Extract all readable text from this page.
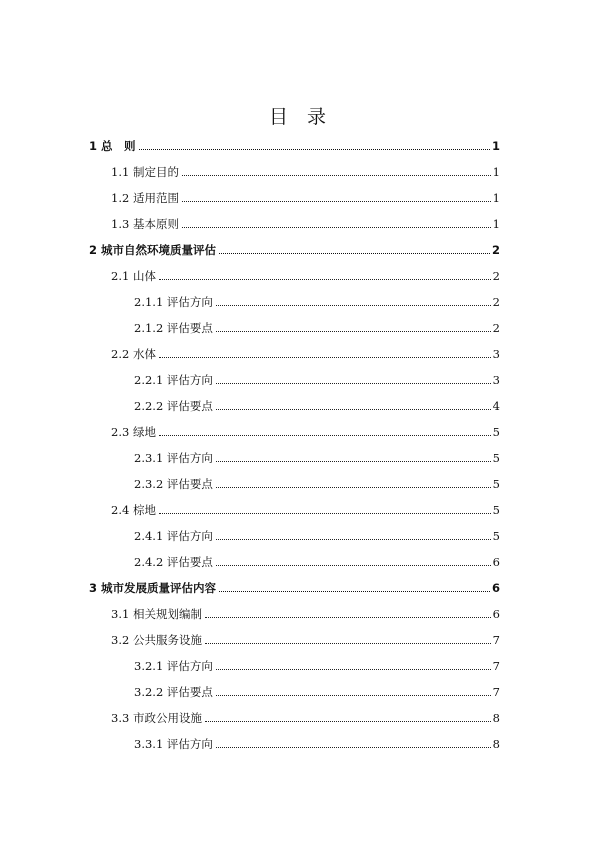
目　录
1 总　则	1
1.1 制定目的	1
1.2 适用范围	1
1.3 基本原则	1
2 城市自然环境质量评估	2
2.1 山体	2
2.1.1 评估方向	2
2.1.2 评估要点	2
2.2 水体	3
2.2.1 评估方向	3
2.2.2 评估要点	4
2.3 绿地	5
2.3.1 评估方向	5
2.3.2 评估要点	5
2.4 棕地	5
2.4.1 评估方向	5
2.4.2 评估要点	6
3 城市发展质量评估内容	6
3.1 相关规划编制	6
3.2 公共服务设施	7
3.2.1 评估方向	7
3.2.2 评估要点	7
3.3 市政公用设施	8
3.3.1 评估方向	8
